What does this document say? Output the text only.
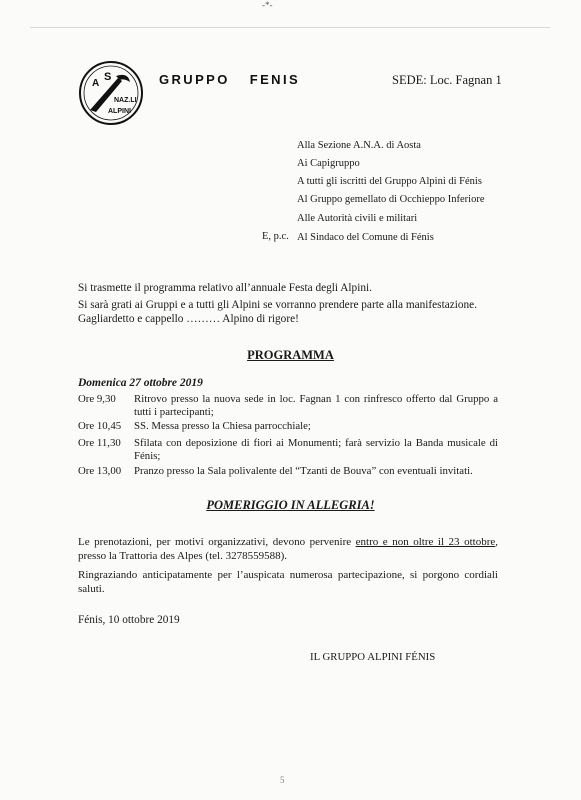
-*-
A
S
NAZ.LI
ALPINI
GRUPPO FENIS	SEDE: Loc. Fagnan 1
Alla Sezione A.N.A. di Aosta
Ai Capigruppo
A tutti gli iscritti del Gruppo Alpini di Fénis
Al Gruppo gemellato di Occhieppo Inferiore
Alle Autorità civili e militari
E, p.c. Al Sindaco del Comune di Fénis
Si trasmette il programma relativo all’annuale Festa degli Alpini.
Si sarà grati ai Gruppi e a tutti gli Alpini se vorranno prendere parte alla manifestazione.
Gagliardetto e cappello ……… Alpino di rigore!
PROGRAMMA
Domenica 27 ottobre 2019
Ore 9,30	Ritrovo presso la nuova sede in loc. Fagnan 1 con rinfresco offerto dal Gruppo a tutti i partecipanti;
Ore 10,45	SS. Messa presso la Chiesa parrocchiale;
Ore 11,30	Sfilata con deposizione di fiori ai Monumenti; farà servizio la Banda musicale di Fénis;
Ore 13,00	Pranzo presso la Sala polivalente del “Tzanti de Bouva” con eventuali invitati.
POMERIGGIO IN ALLEGRIA!
Le prenotazioni, per motivi organizzativi, devono pervenire entro e non oltre il 23 ottobre, presso la Trattoria des Alpes (tel. 3278559588).
Ringraziando anticipatamente per l’auspicata numerosa partecipazione, si porgono cordiali saluti.
Fénis, 10 ottobre 2019
IL GRUPPO ALPINI FÉNIS
5
